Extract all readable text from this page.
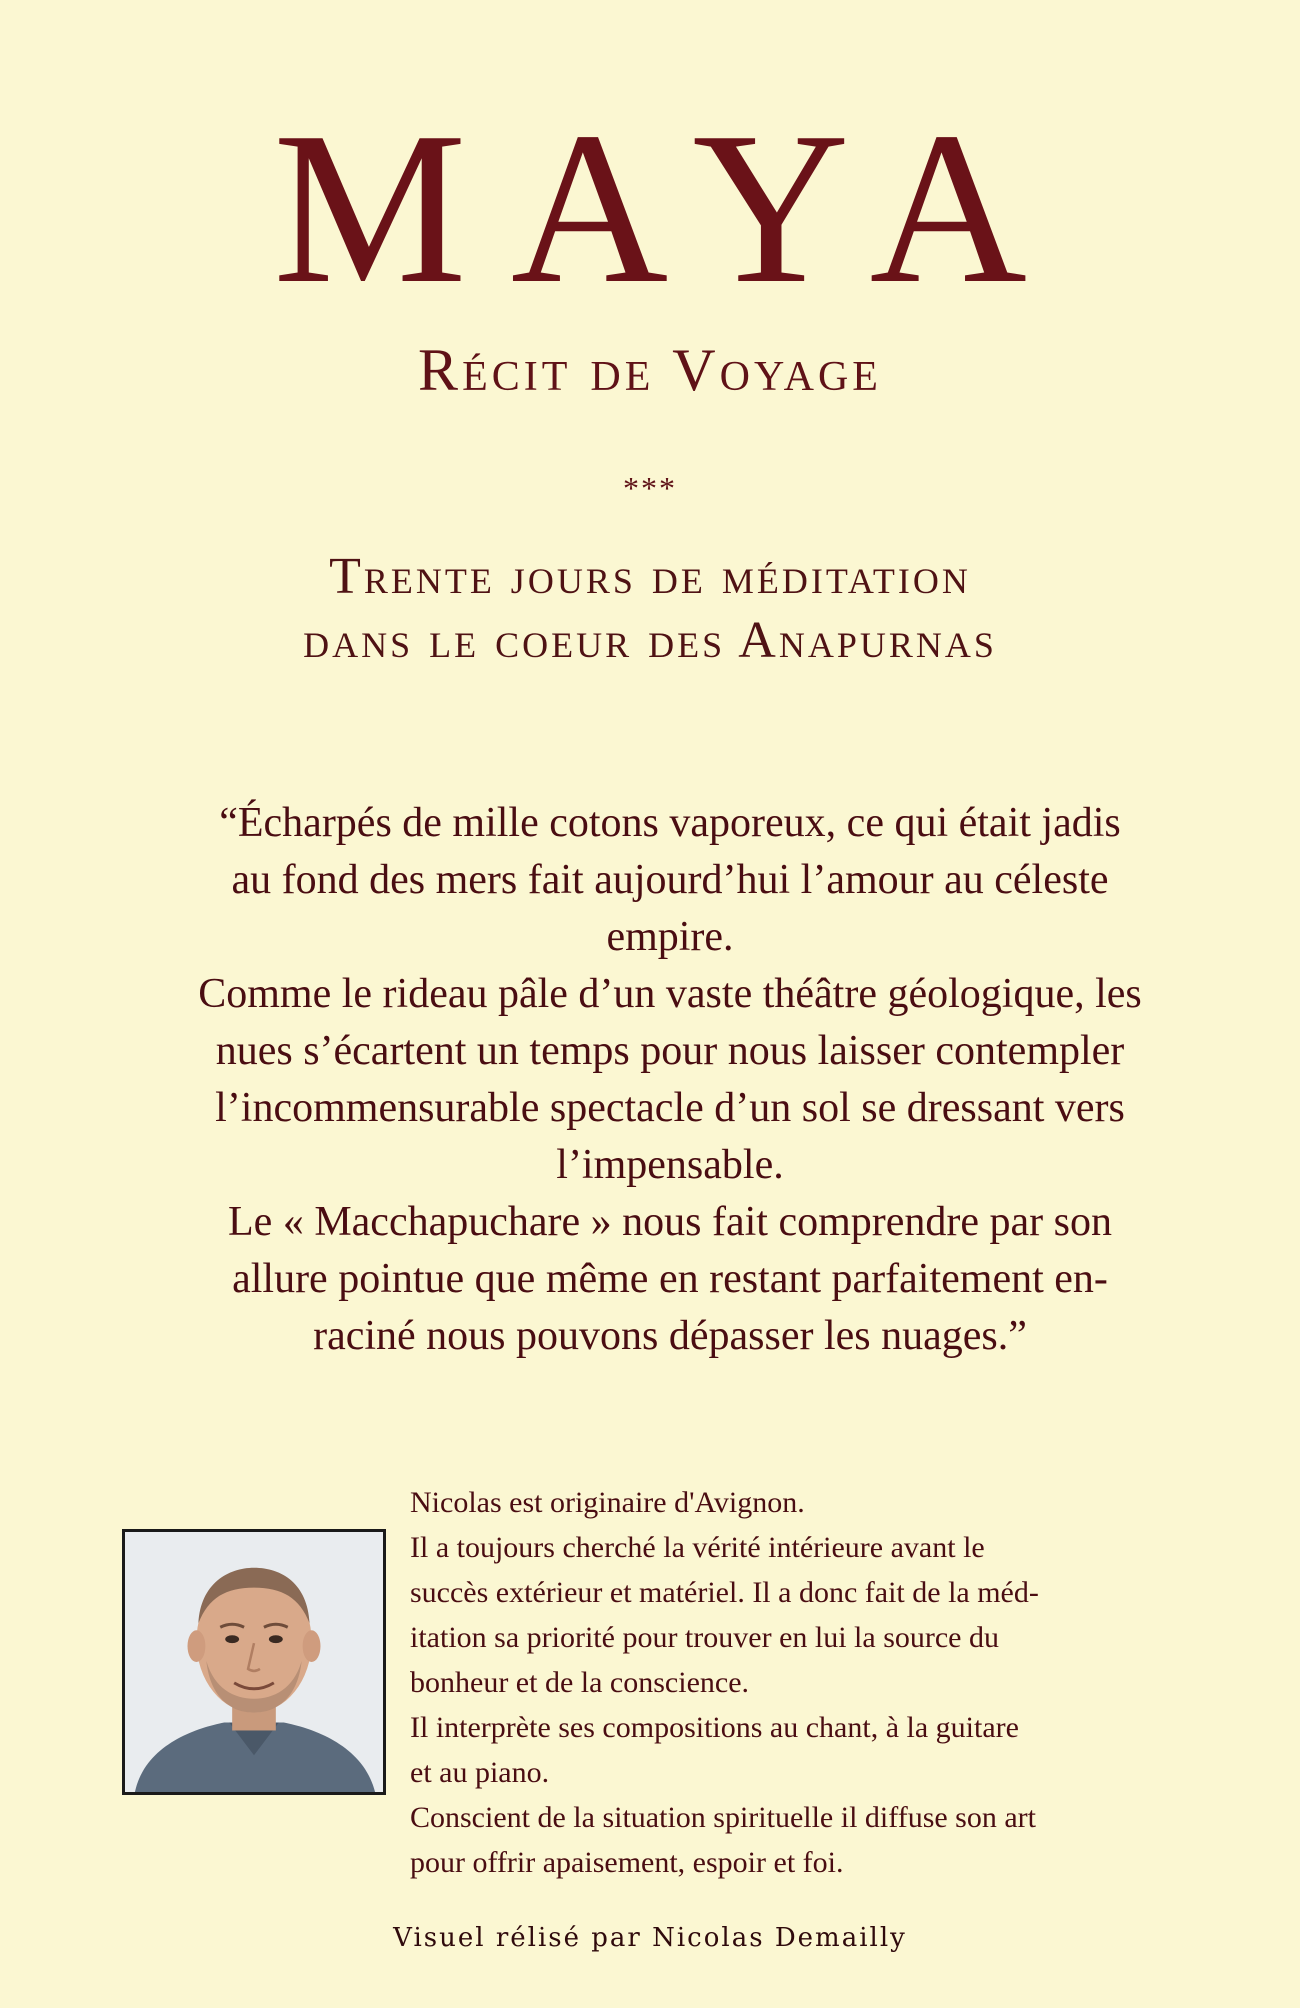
MAYA
Récit de Voyage
***
Trente jours de méditation
dans le coeur des Anapurnas
“Écharpés de mille cotons vaporeux, ce qui était jadis
au fond des mers fait aujourd’hui l’amour au céleste
empire.
Comme le rideau pâle d’un vaste théâtre géologique, les
nues s’écartent un temps pour nous laisser contempler
l’incommensurable spectacle d’un sol se dressant vers
l’impensable.
Le « Macchapuchare » nous fait comprendre par son
allure pointue que même en restant parfaitement en-
raciné nous pouvons dépasser les nuages.”
Nicolas est originaire d'Avignon.
Il a toujours cherché la vérité intérieure avant le
succès extérieur et matériel. Il a donc fait de la méd-
itation sa priorité pour trouver en lui la source du
bonheur et de la conscience.
Il interprète ses compositions au chant, à la guitare
et au piano.
Conscient de la situation spirituelle il diffuse son art
pour offrir apaisement, espoir et foi.
Visuel rélisé par Nicolas Demailly
